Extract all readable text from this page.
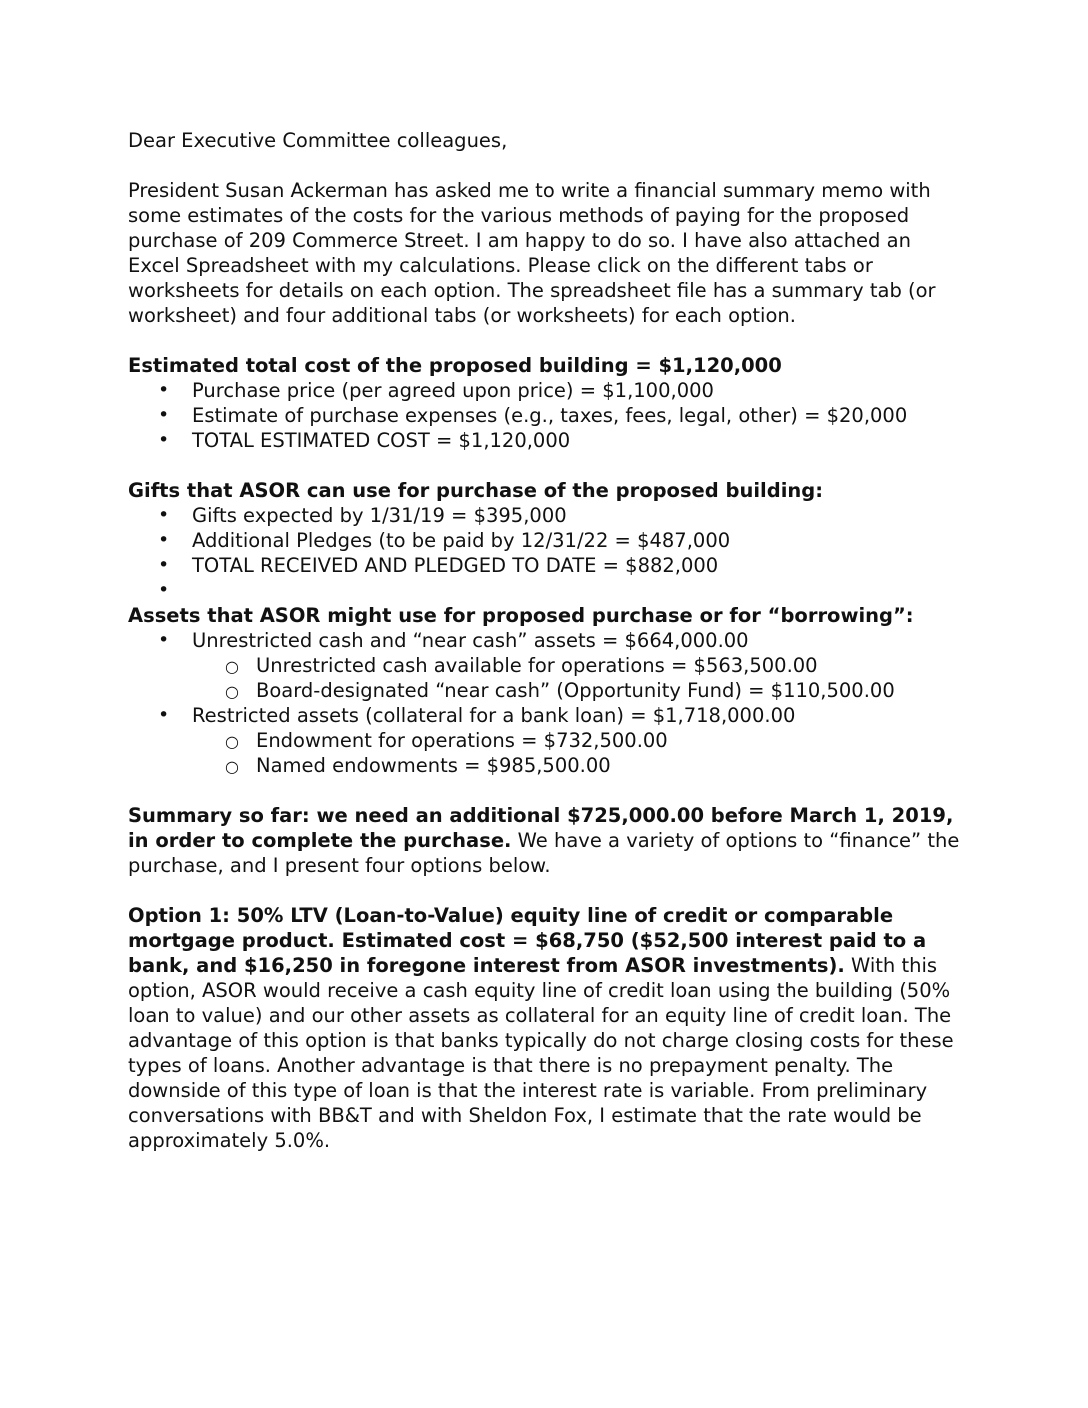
Dear Executive Committee colleagues,

President Susan Ackerman has asked me to write a financial summary memo with some estimates of the costs for the various methods of paying for the proposed purchase of 209 Commerce Street. I am happy to do so. I have also attached an Excel Spreadsheet with my calculations. Please click on the different tabs or worksheets for details on each option. The spreadsheet file has a summary tab (or worksheet) and four additional tabs (or worksheets) for each option.

Estimated total cost of the proposed building = $1,120,000

• Purchase price (per agreed upon price) = $1,100,000
• Estimate of purchase expenses (e.g., taxes, fees, legal, other) = $20,000
• TOTAL ESTIMATED COST = $1,120,000

Gifts that ASOR can use for purchase of the proposed building:

• Gifts expected by 1/31/19 = $395,000
• Additional Pledges (to be paid by 12/31/22 = $487,000
• TOTAL RECEIVED AND PLEDGED TO DATE = $882,000
•

Assets that ASOR might use for proposed purchase or for “borrowing”:

• Unrestricted cash and “near cash” assets = $664,000.00
○ Unrestricted cash available for operations = $563,500.00
○ Board-designated “near cash” (Opportunity Fund) = $110,500.00
• Restricted assets (collateral for a bank loan) = $1,718,000.00
○ Endowment for operations = $732,500.00
○ Named endowments = $985,500.00

Summary so far: we need an additional $725,000.00 before March 1, 2019, in order to complete the purchase. We have a variety of options to “finance” the purchase, and I present four options below.

Option 1: 50% LTV (Loan-to-Value) equity line of credit or comparable mortgage product. Estimated cost = $68,750 ($52,500 interest paid to a bank, and $16,250 in foregone interest from ASOR investments). With this option, ASOR would receive a cash equity line of credit loan using the building (50% loan to value) and our other assets as collateral for an equity line of credit loan. The advantage of this option is that banks typically do not charge closing costs for these types of loans. Another advantage is that there is no prepayment penalty. The downside of this type of loan is that the interest rate is variable. From preliminary conversations with BB&T and with Sheldon Fox, I estimate that the rate would be approximately 5.0%.
